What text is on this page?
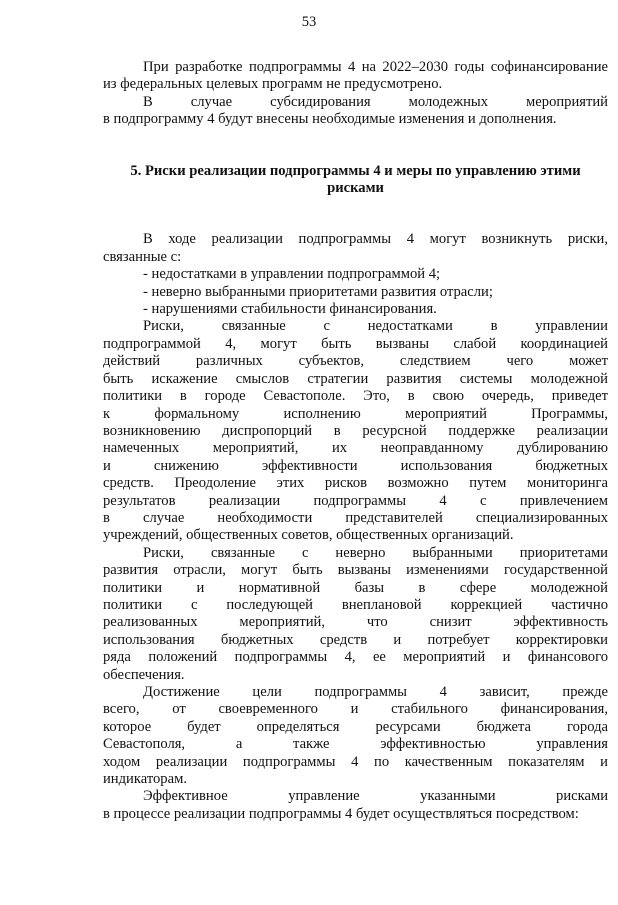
53

При разработке подпрограммы 4 на 2022–2030 годы софинансирование

из федеральных целевых программ не предусмотрено.

В случае субсидирования молодежных мероприятий

в подпрограмму 4 будут внесены необходимые изменения и дополнения.

5. Риски реализации подпрограммы 4 и меры по управлению этими

рисками

В ходе реализации подпрограммы 4 могут возникнуть риски,

связанные с:

- недостатками в управлении подпрограммой 4;

- неверно выбранными приоритетами развития отрасли;

- нарушениями стабильности финансирования.

Риски, связанные с недостатками в управлении

подпрограммой 4, могут быть вызваны слабой координацией

действий различных субъектов, следствием чего может

быть искажение смыслов стратегии развития системы молодежной

политики в городе Севастополе. Это, в свою очередь, приведет

к формальному исполнению мероприятий Программы,

возникновению диспропорций в ресурсной поддержке реализации

намеченных мероприятий, их неоправданному дублированию

и снижению эффективности использования бюджетных

средств. Преодоление этих рисков возможно путем мониторинга

результатов реализации подпрограммы 4 с привлечением

в случае необходимости представителей специализированных

учреждений, общественных советов, общественных организаций.

Риски, связанные с неверно выбранными приоритетами

развития отрасли, могут быть вызваны изменениями государственной

политики и нормативной базы в сфере молодежной

политики с последующей внеплановой коррекцией частично

реализованных мероприятий, что снизит эффективность

использования бюджетных средств и потребует корректировки

ряда положений подпрограммы 4, ее мероприятий и финансового

обеспечения.

Достижение цели подпрограммы 4 зависит, прежде

всего, от своевременного и стабильного финансирования,

которое будет определяться ресурсами бюджета города

Севастополя, а также эффективностью управления

ходом реализации подпрограммы 4 по качественным показателям и

индикаторам.

Эффективное управление указанными рисками

в процессе реализации подпрограммы 4 будет осуществляться посредством:
